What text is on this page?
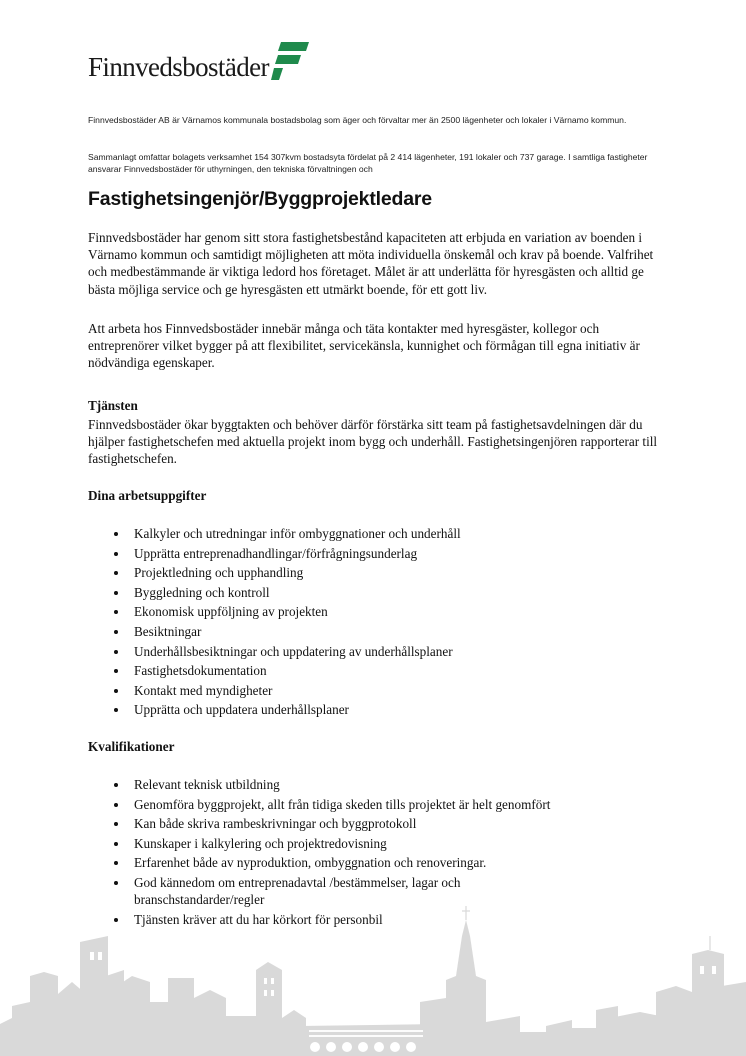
Finnvedsbostäder

Finnvedsbostäder AB är Värnamos kommunala bostadsbolag som äger och förvaltar mer än 2500 lägenheter och lokaler i Värnamo kommun.

Sammanlagt omfattar bolagets verksamhet 154 307kvm bostadsyta fördelat på 2 414 lägenheter, 191 lokaler och 737 garage. I samtliga fastigheter ansvarar Finnvedsbostäder för uthyrningen, den tekniska förvaltningen och

Fastighetsingenjör/Byggprojektledare

Finnvedsbostäder har genom sitt stora fastighetsbestånd kapaciteten att erbjuda en variation av boenden i Värnamo kommun och samtidigt möjligheten att möta individuella önskemål och krav på boende. Valfrihet och medbestämmande är viktiga ledord hos företaget. Målet är att underlätta för hyresgästen och alltid ge bästa möjliga service och ge hyresgästen ett utmärkt boende, för ett gott liv.

Att arbeta hos Finnvedsbostäder innebär många och täta kontakter med hyresgäster, kollegor och entreprenörer vilket bygger på att flexibilitet, servicekänsla, kunnighet och förmågan till egna initiativ är nödvändiga egenskaper.

Tjänsten

Finnvedsbostäder ökar byggtakten och behöver därför förstärka sitt team på fastighetsavdelningen där du hjälper fastighetschefen med aktuella projekt inom bygg och underhåll. Fastighetsingenjören rapporterar till fastighetschefen.

Dina arbetsuppgifter
Kalkyler och utredningar inför ombyggnationer och underhåll
Upprätta entreprenadhandlingar/förfrågningsunderlag
Projektledning och upphandling
Byggledning och kontroll
Ekonomisk uppföljning av projekten
Besiktningar
Underhållsbesiktningar och uppdatering av underhållsplaner
Fastighetsdokumentation
Kontakt med myndigheter
Upprätta och uppdatera underhållsplaner
Kvalifikationer
Relevant teknisk utbildning
Genomföra byggprojekt, allt från tidiga skeden tills projektet är helt genomfört
Kan både skriva rambeskrivningar och byggprotokoll
Kunskaper i kalkylering och projektredovisning
Erfarenhet både av nyproduktion, ombyggnation och renoveringar.
God kännedom om entreprenadavtal /bestämmelser, lagar och branschstandarder/regler
Tjänsten kräver att du har körkort för personbil
